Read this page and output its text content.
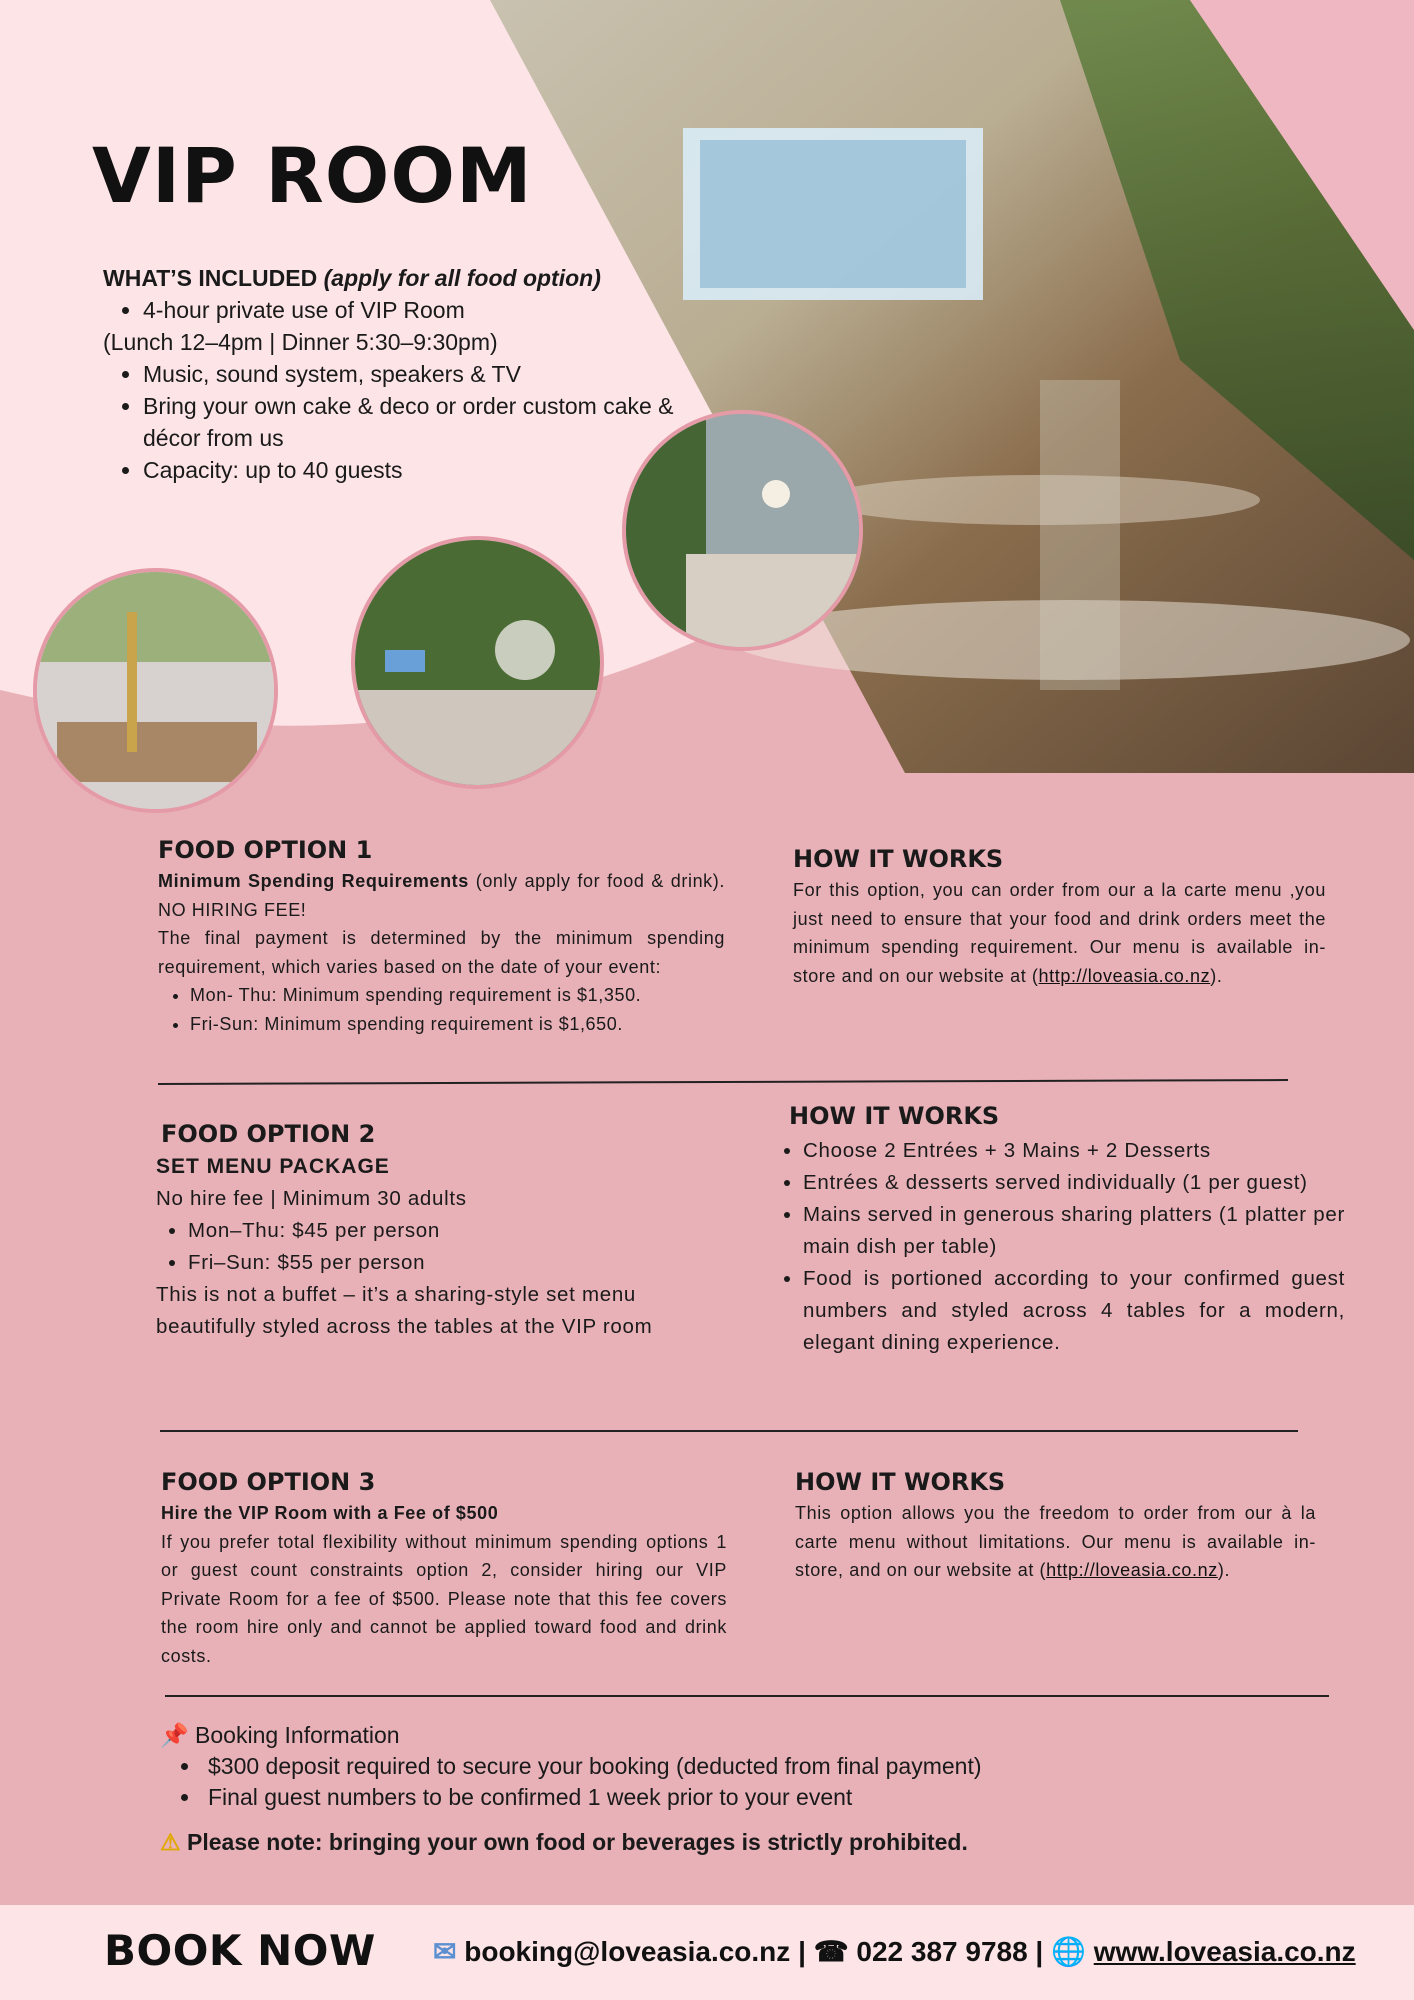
VIP ROOM
WHAT’S INCLUDED (apply for all food option)
• 4-hour private use of VIP Room

(Lunch 12–4pm | Dinner 5:30–9:30pm)

• Music, sound system, speakers & TV
• Bring your own cake & deco or order custom cake & décor from us
• Capacity: up to 40 guests
FOOD OPTION 1

Minimum Spending Requirements (only apply for food & drink). NO HIRING FEE!

The final payment is determined by the minimum spending requirement, which varies based on the date of your event:

• Mon- Thu: Minimum spending requirement is $1,350.
• Fri-Sun: Minimum spending requirement is $1,650.
HOW IT WORKS

For this option, you can order from our a la carte menu ,you just need to ensure that your food and drink orders meet the minimum spending requirement. Our menu is available in-store and on our website at (http://loveasia.co.nz).

FOOD OPTION 2
SET MENU PACKAGE

No hire fee | Minimum 30 adults

• Mon–Thu: $45 per person
• Fri–Sun: $55 per person

This is not a buffet – it’s a sharing-style set menu beautifully styled across the tables at the VIP room

HOW IT WORKS
• Choose 2 Entrées + 3 Mains + 2 Desserts
• Entrées & desserts served individually (1 per guest)
• Mains served in generous sharing platters (1 platter per main dish per table)
• Food is portioned according to your confirmed guest numbers and styled across 4 tables for a modern, elegant dining experience.
FOOD OPTION 3

Hire the VIP Room with a Fee of $500

If you prefer total flexibility without minimum spending options 1 or guest count constraints option 2, consider hiring our VIP Private Room for a fee of $500. Please note that this fee covers the room hire only and cannot be applied toward food and drink costs.

HOW IT WORKS

This option allows you the freedom to order from our à la carte menu without limitations. Our menu is available in-store, and on our website at (http://loveasia.co.nz).

📌 Booking Information
• $300 deposit required to secure your booking (deducted from final payment)
• Final guest numbers to be confirmed 1 week prior to your event
⚠ Please note: bringing your own food or beverages is strictly prohibited.
BOOK NOW ✉ booking@loveasia.co.nz | ☎ 022 387 9788 | 🌐 www.loveasia.co.nz
